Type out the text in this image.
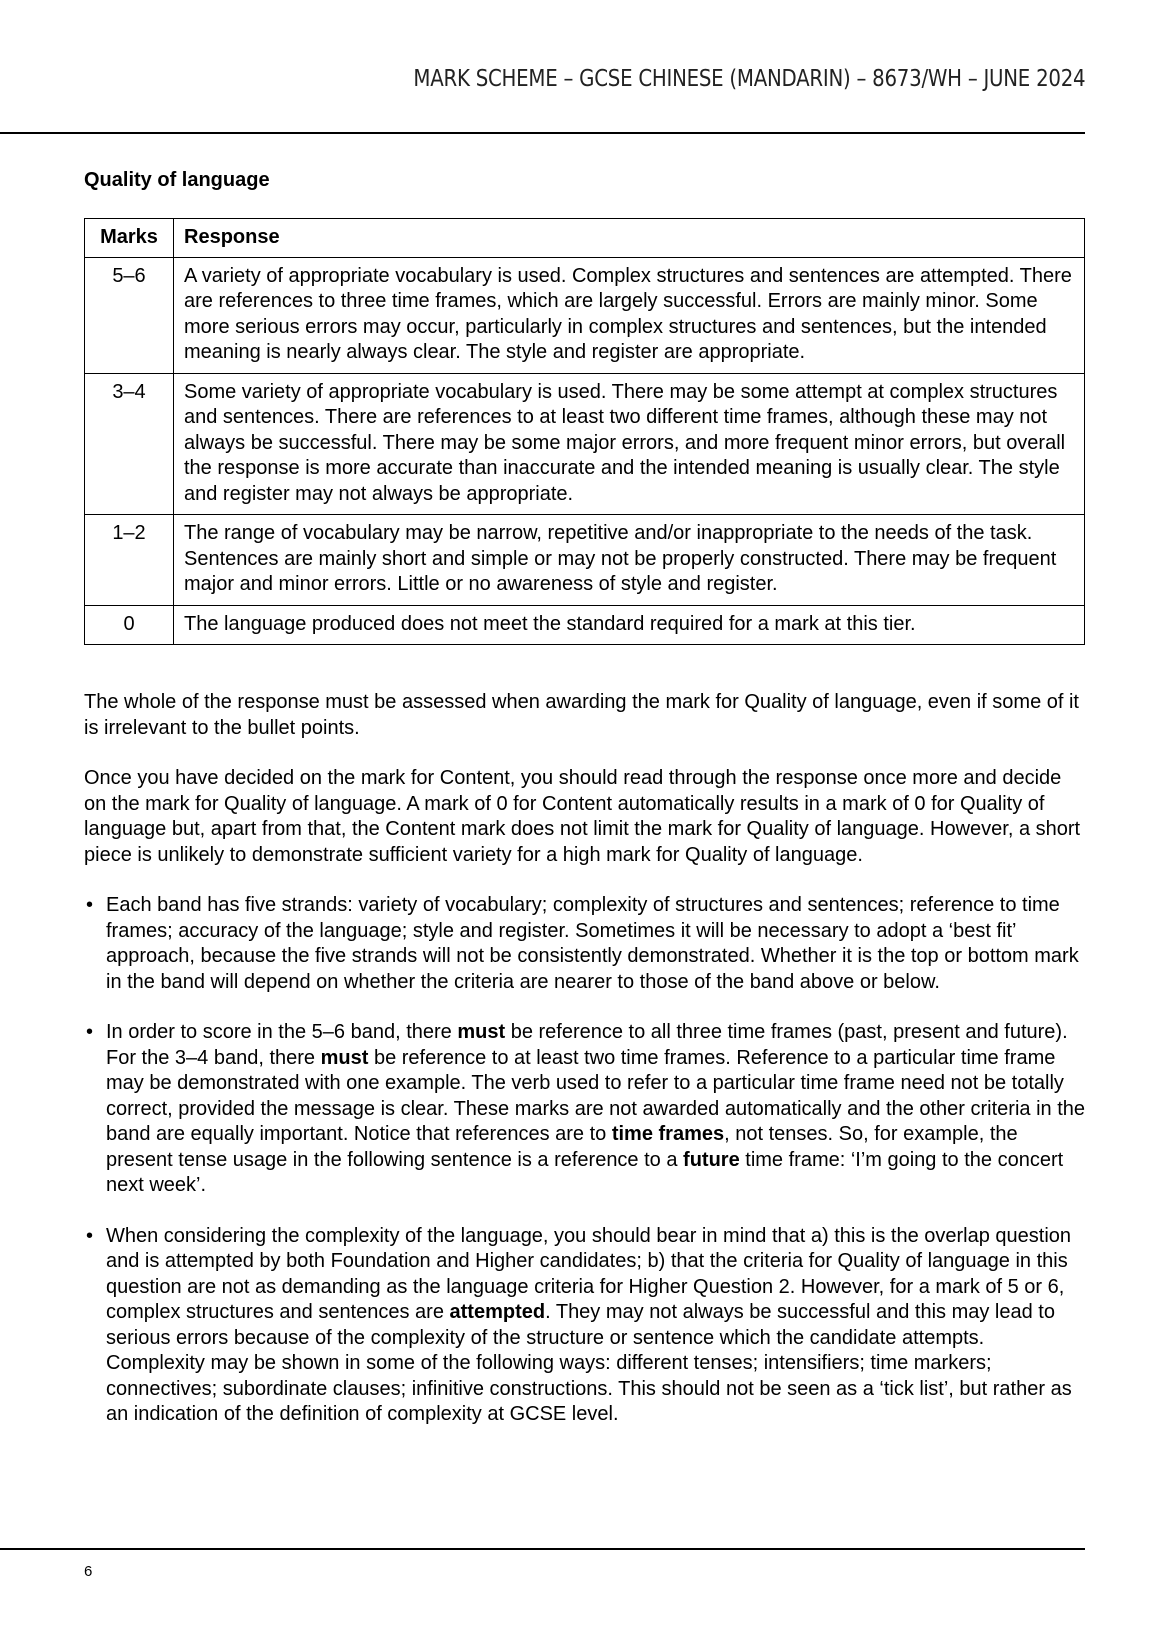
MARK SCHEME – GCSE CHINESE (MANDARIN) – 8673/WH – JUNE 2024
Quality of language
Marks	Response
5–6	A variety of appropriate vocabulary is used. Complex structures and sentences are attempted. There are references to three time frames, which are largely successful. Errors are mainly minor. Some more serious errors may occur, particularly in complex structures and sentences, but the intended meaning is nearly always clear. The style and register are appropriate.
3–4	Some variety of appropriate vocabulary is used. There may be some attempt at complex structures and sentences. There are references to at least two different time frames, although these may not always be successful. There may be some major errors, and more frequent minor errors, but overall the response is more accurate than inaccurate and the intended meaning is usually clear. The style and register may not always be appropriate.
1–2	The range of vocabulary may be narrow, repetitive and/or inappropriate to the needs of the task. Sentences are mainly short and simple or may not be properly constructed. There may be frequent major and minor errors. Little or no awareness of style and register.
0	The language produced does not meet the standard required for a mark at this tier.

The whole of the response must be assessed when awarding the mark for Quality of language, even if some of it is irrelevant to the bullet points.

Once you have decided on the mark for Content, you should read through the response once more and decide on the mark for Quality of language. A mark of 0 for Content automatically results in a mark of 0 for Quality of language but, apart from that, the Content mark does not limit the mark for Quality of language. However, a short piece is unlikely to demonstrate sufficient variety for a high mark for Quality of language.

• Each band has five strands: variety of vocabulary; complexity of structures and sentences; reference to time frames; accuracy of the language; style and register. Sometimes it will be necessary to adopt a ‘best fit’ approach, because the five strands will not be consistently demonstrated. Whether it is the top or bottom mark in the band will depend on whether the criteria are nearer to those of the band above or below.
• In order to score in the 5–6 band, there must be reference to all three time frames (past, present and future). For the 3–4 band, there must be reference to at least two time frames. Reference to a particular time frame may be demonstrated with one example. The verb used to refer to a particular time frame need not be totally correct, provided the message is clear. These marks are not awarded automatically and the other criteria in the band are equally important. Notice that references are to time frames, not tenses. So, for example, the present tense usage in the following sentence is a reference to a future time frame: ‘I’m going to the concert next week’.
• When considering the complexity of the language, you should bear in mind that a) this is the overlap question and is attempted by both Foundation and Higher candidates; b) that the criteria for Quality of language in this question are not as demanding as the language criteria for Higher Question 2. However, for a mark of 5 or 6, complex structures and sentences are attempted. They may not always be successful and this may lead to serious errors because of the complexity of the structure or sentence which the candidate attempts. Complexity may be shown in some of the following ways: different tenses; intensifiers; time markers; connectives; subordinate clauses; infinitive constructions. This should not be seen as a ‘tick list’, but rather as an indication of the definition of complexity at GCSE level.
6
